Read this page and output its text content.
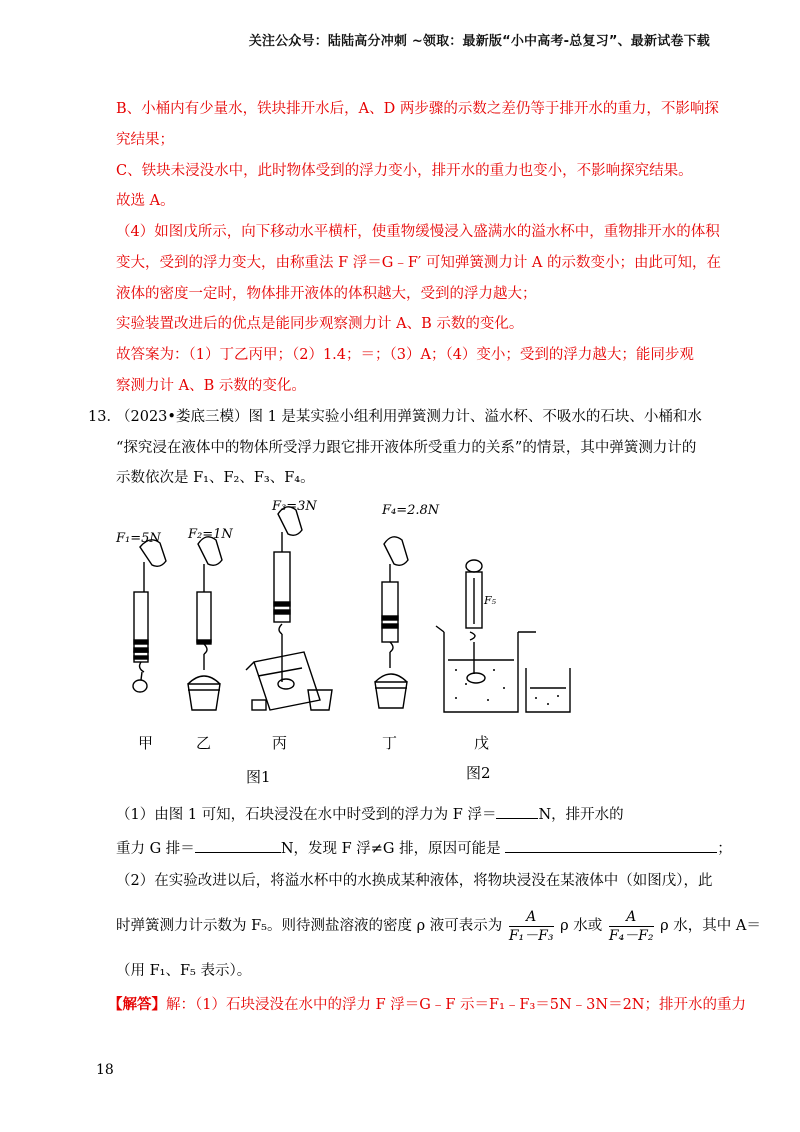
关注公众号：陆陆高分冲刺 ~领取：最新版“小中高考-总复习”、最新试卷下载
B、小桶内有少量水，铁块排开水后，A、D 两步骤的示数之差仍等于排开水的重力，不影响探
究结果；
C、铁块未浸没水中，此时物体受到的浮力变小，排开水的重力也变小，不影响探究结果。
故选 A。
（4）如图戊所示，向下移动水平横杆，使重物缓慢浸入盛满水的溢水杯中，重物排开水的体积
变大，受到的浮力变大，由称重法 F 浮＝G﹣F′ 可知弹簧测力计 A 的示数变小；由此可知，在
液体的密度一定时，物体排开液体的体积越大，受到的浮力越大；
实验装置改进后的优点是能同步观察测力计 A、B 示数的变化。
故答案为：（1）丁乙丙甲；（2）1.4；＝；（3）A；（4）变小；受到的浮力越大；能同步观
察测力计 A、B 示数的变化。
13．
（2023•娄底三模）图 1 是某实验小组利用弹簧测力计、溢水杯、不吸水的石块、小桶和水
“探究浸在液体中的物体所受浮力跟它排开液体所受重力的关系”的情景，其中弹簧测力计的
示数依次是 F₁、F₂、F₃、F₄。
F₁=5N F₂=1N
F₃=3N	F₄=2.8N
F₅
甲	乙	丙	丁	戊
图1	图2
（1）由图 1 可知，石块浸没在水中时受到的浮力为 F 浮＝	N，排开水的
重力 G 排＝	N，发现 F 浮≠G 排，原因可能是	；
（2）在实验改进以后，将溢水杯中的水换成某种液体，将物块浸没在某液体中（如图戊），此
时弹簧测力计示数为 F₅。则待测盐溶液的密度 ρ 液可表示为 $\frac{A}{\text{F₁－F₃}}$ ρ 水或 $\frac{A}{\text{F₄－F₂}}$ ρ 水，其中 A＝
（用 F₁、F₅ 表示）。
【解答】解：（1）石块浸没在水中的浮力 F 浮＝G﹣F 示＝F₁﹣F₃＝5N﹣3N＝2N；排开水的重力
18
